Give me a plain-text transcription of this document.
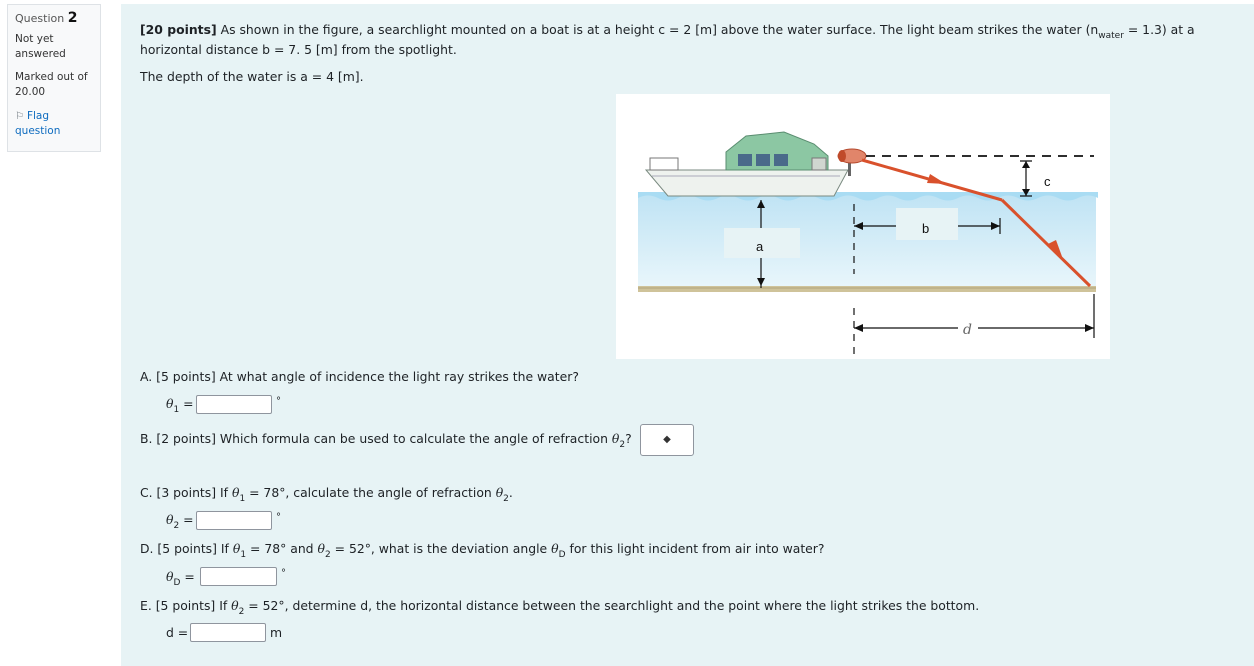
Question 2
Not yet answered
Marked out of
20.00
⚐ Flag question
[20 points] As shown in the figure, a searchlight mounted on a boat is at a height c = 2 [m] above the water surface. The light beam strikes the water $(n_{water} = 1.3)$ at a
horizontal distance b = 7. 5 [m] from the spotlight.
The depth of the water is a = 4 [m].
c
a
b
d
A. [5 points] At what angle of incidence the light ray strikes the water?
$\theta_1$ =	°
B. [2 points] Which formula can be used to calculate the angle of refraction $\theta_2$?	◆
C. [3 points] If $\theta_1 = 78^\circ$, calculate the angle of refraction $\theta_2$.
$\theta_2$ =	°
D. [5 points] If $\theta_1 = 78^\circ$ and $\theta_2 = 52^\circ$, what is the deviation angle $\theta_D$ for this light incident from air into water?
$\theta_D$ =	°
E. [5 points] If $\theta_2 = 52^\circ$, determine d, the horizontal distance between the searchlight and the point where the light strikes the bottom.
d =	m
